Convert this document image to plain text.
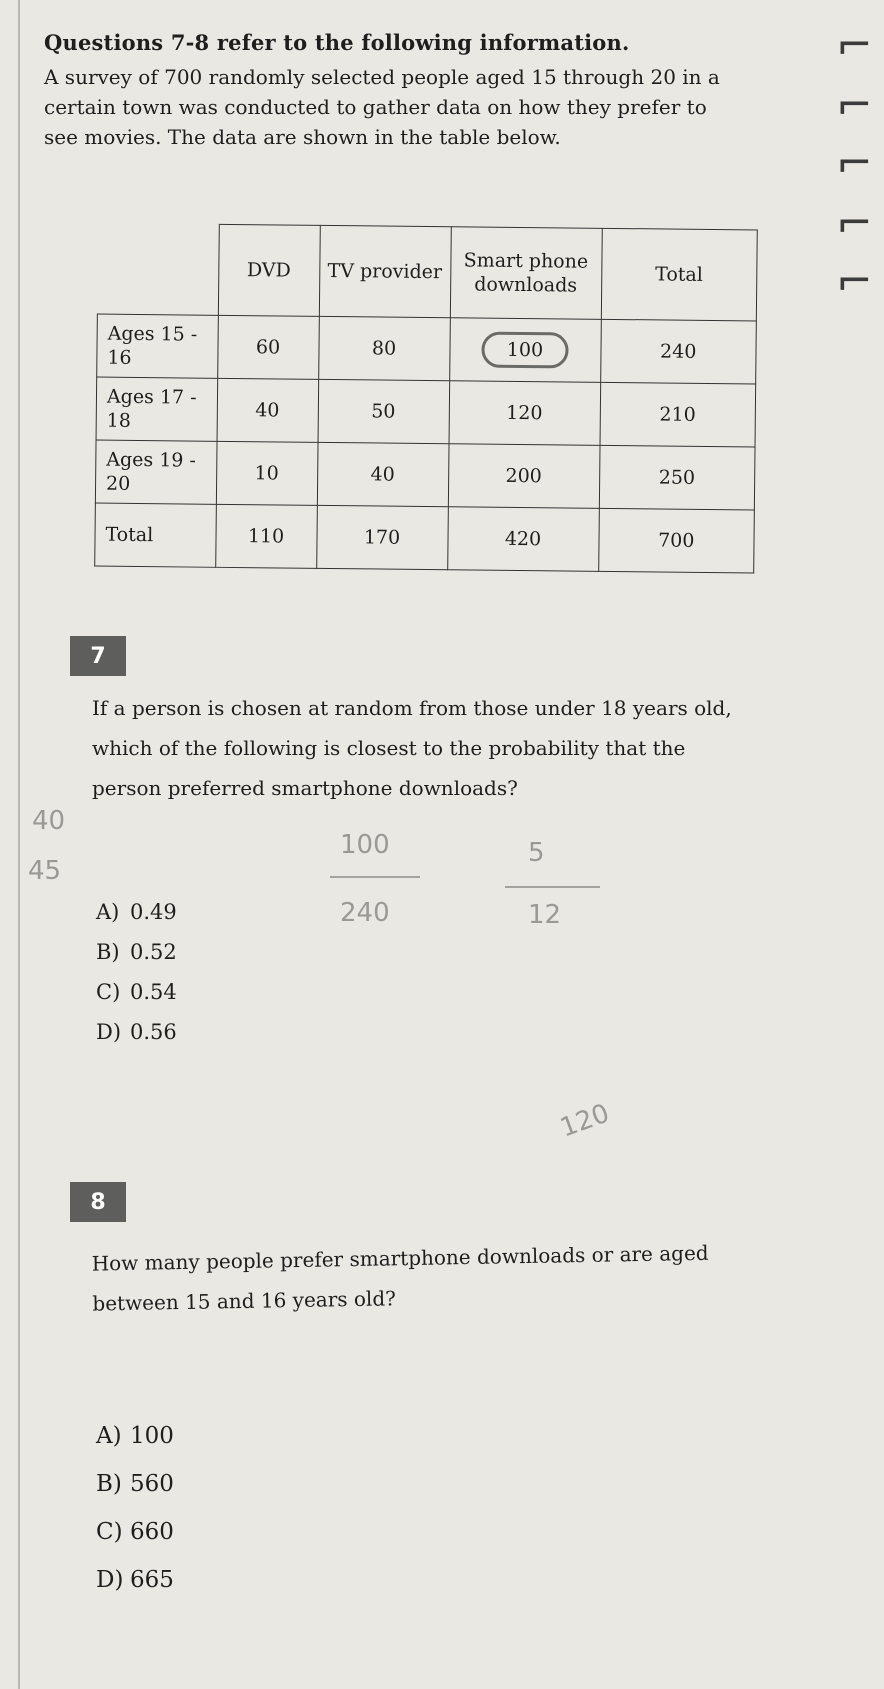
Questions 7-8 refer to the following information.
A survey of 700 randomly selected people aged 15 through 20 in a certain town was conducted to gather data on how they prefer to see movies. The data are shown in the table below.
	DVD	TV provider	Smart phone downloads	Total
Ages 15 - 16	60	80	100	240
Ages 17 - 18	40	50	120	210
Ages 19 - 20	10	40	200	250
Total	110	170	420	700
7
If a person is chosen at random from those under 18 years old, which of the following is closest to the probability that the person preferred smartphone downloads?
A) 0.49
B) 0.52
C) 0.54
D) 0.56
8
How many people prefer smartphone downloads or are aged between 15 and 16 years old?
A) 100
B) 560
C) 660
D) 665
40
45
100
240
5
12
120
⌐
⌐
⌐
⌐
⌐
